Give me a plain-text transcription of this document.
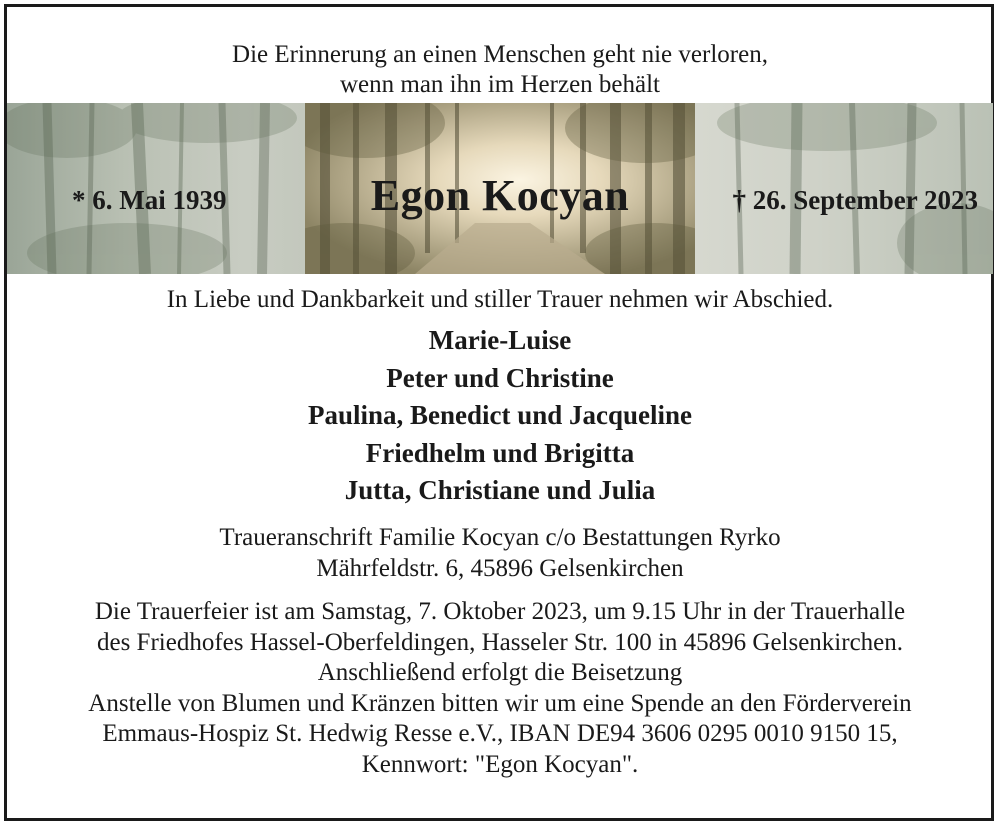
Die Erinnerung an einen Menschen geht nie verloren,
wenn man ihn im Herzen behält
* 6. Mai 1939	Egon Kocyan	† 26. September 2023
In Liebe und Dankbarkeit und stiller Trauer nehmen wir Abschied.
Marie-Luise
Peter und Christine
Paulina, Benedict und Jacqueline
Friedhelm und Brigitta
Jutta, Christiane und Julia
Traueranschrift Familie Kocyan c/o Bestattungen Ryrko
Mährfeldstr. 6, 45896 Gelsenkirchen
Die Trauerfeier ist am Samstag, 7. Oktober 2023, um 9.15 Uhr in der Trauerhalle
des Friedhofes Hassel-Oberfeldingen, Hasseler Str. 100 in 45896 Gelsenkirchen.
Anschließend erfolgt die Beisetzung
Anstelle von Blumen und Kränzen bitten wir um eine Spende an den Förderverein
Emmaus-Hospiz St. Hedwig Resse e.V., IBAN DE94 3606 0295 0010 9150 15,
Kennwort: "Egon Kocyan".
